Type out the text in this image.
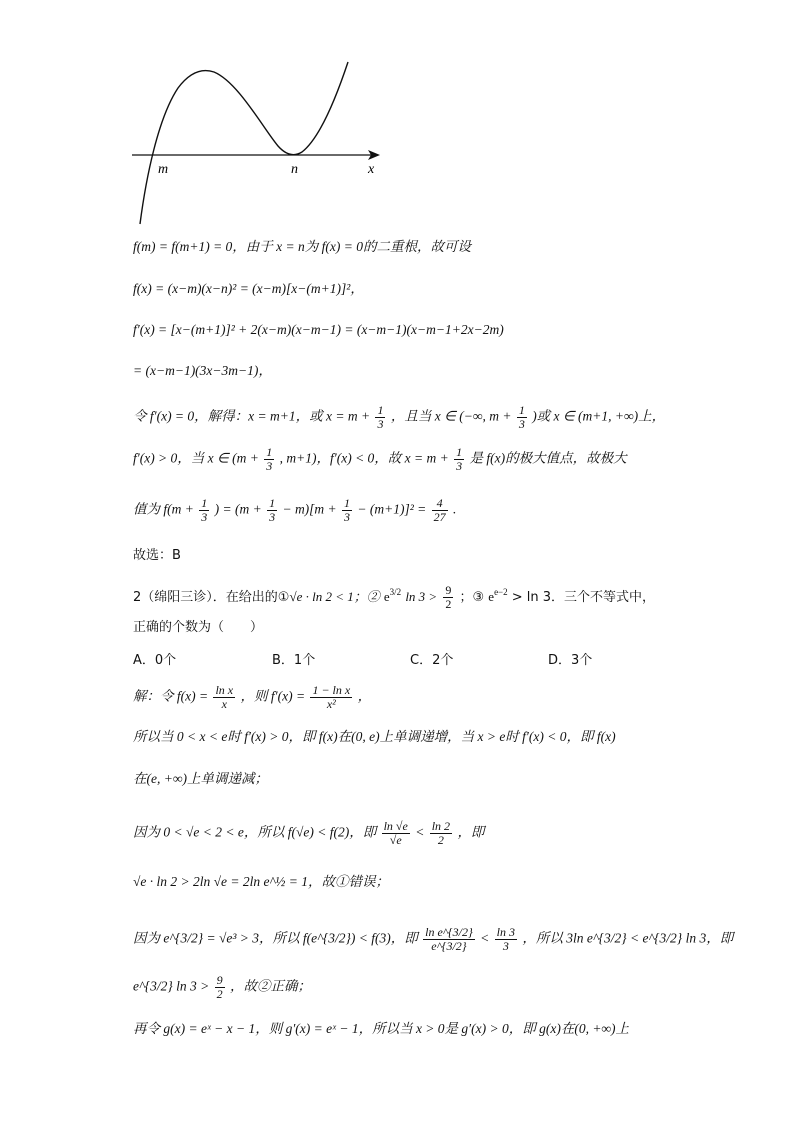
m	n	x
f(m) = f(m+1) = 0，由于 x = n为 f(x) = 0的二重根，故可设
f(x) = (x−m)(x−n)² = (x−m)[x−(m+1)]²，
f′(x) = [x−(m+1)]² + 2(x−m)(x−m−1) = (x−m−1)(x−m−1+2x−2m)
= (x−m−1)(3x−3m−1)，
令 f′(x) = 0，解得：x = m+1，或 $x = m + \frac{1}{3}$ ，且当 x ∈ (−∞, $m + \frac{1}{3}$ )或 x ∈ (m+1, +∞)上，
f′(x) > 0，当 x ∈ ($m + \frac{1}{3}$ , m+1)，f′(x) < 0，故 $x = m + \frac{1}{3}$ 是 f(x)的极大值点，故极大
值为 $f(m + \frac{1}{3}$ ) = $(m + \frac{1}{3} - m)[m + \frac{1}{3} - (m+1)]^2 = \frac{4}{27}$ .
故选：B
2（绵阳三诊）．在给出的①√e · ln 2 < 1；② $e^{3/2}$ $\ln 3 > \frac{9}{2}$ ；③ $e^{e-2} > \ln 3$．三个不等式中，
正确的个数为（　　）
A．0个	B．1个	C．2个	D．3个
解：令 $f(x) = \frac{\text{ln x}}{x}$ ，则 $f'(x) = \frac{\text{1 − ln x}}{\text{x²}}$ ，
所以当 0 < x < e时 f′(x) > 0，即 f(x)在(0, e)上单调递增，当 x > e时 f′(x) < 0，即 f(x)
在(e, +∞)上单调递减；
因为 0 < √e < 2 < e，所以 f(√e) < f(2)，即 $\frac{\ln √e}{√e} < \frac{\ln 2}{2}$ ，即
√e · ln 2 > 2ln √e = 2ln e^½ = 1，故①错误；
因为 e^{3/2} = √e³ > 3，所以 f(e^{3/2}) < f(3)，即 $\frac{\text{ln e\textasciicircum{}\{3/2\}}}{e\^{}\{3/2\}} < \frac{\ln 3}{3}$ ，所以 3ln e^{3/2} < e^{3/2} ln 3，即
e^{3/2} $\ln 3 > \frac{9}{2}$ ，故②正确；
再令 g(x) = eˣ − x − 1，则 g′(x) = eˣ − 1，所以当 x > 0是 g′(x) > 0，即 g(x)在(0, +∞)上
